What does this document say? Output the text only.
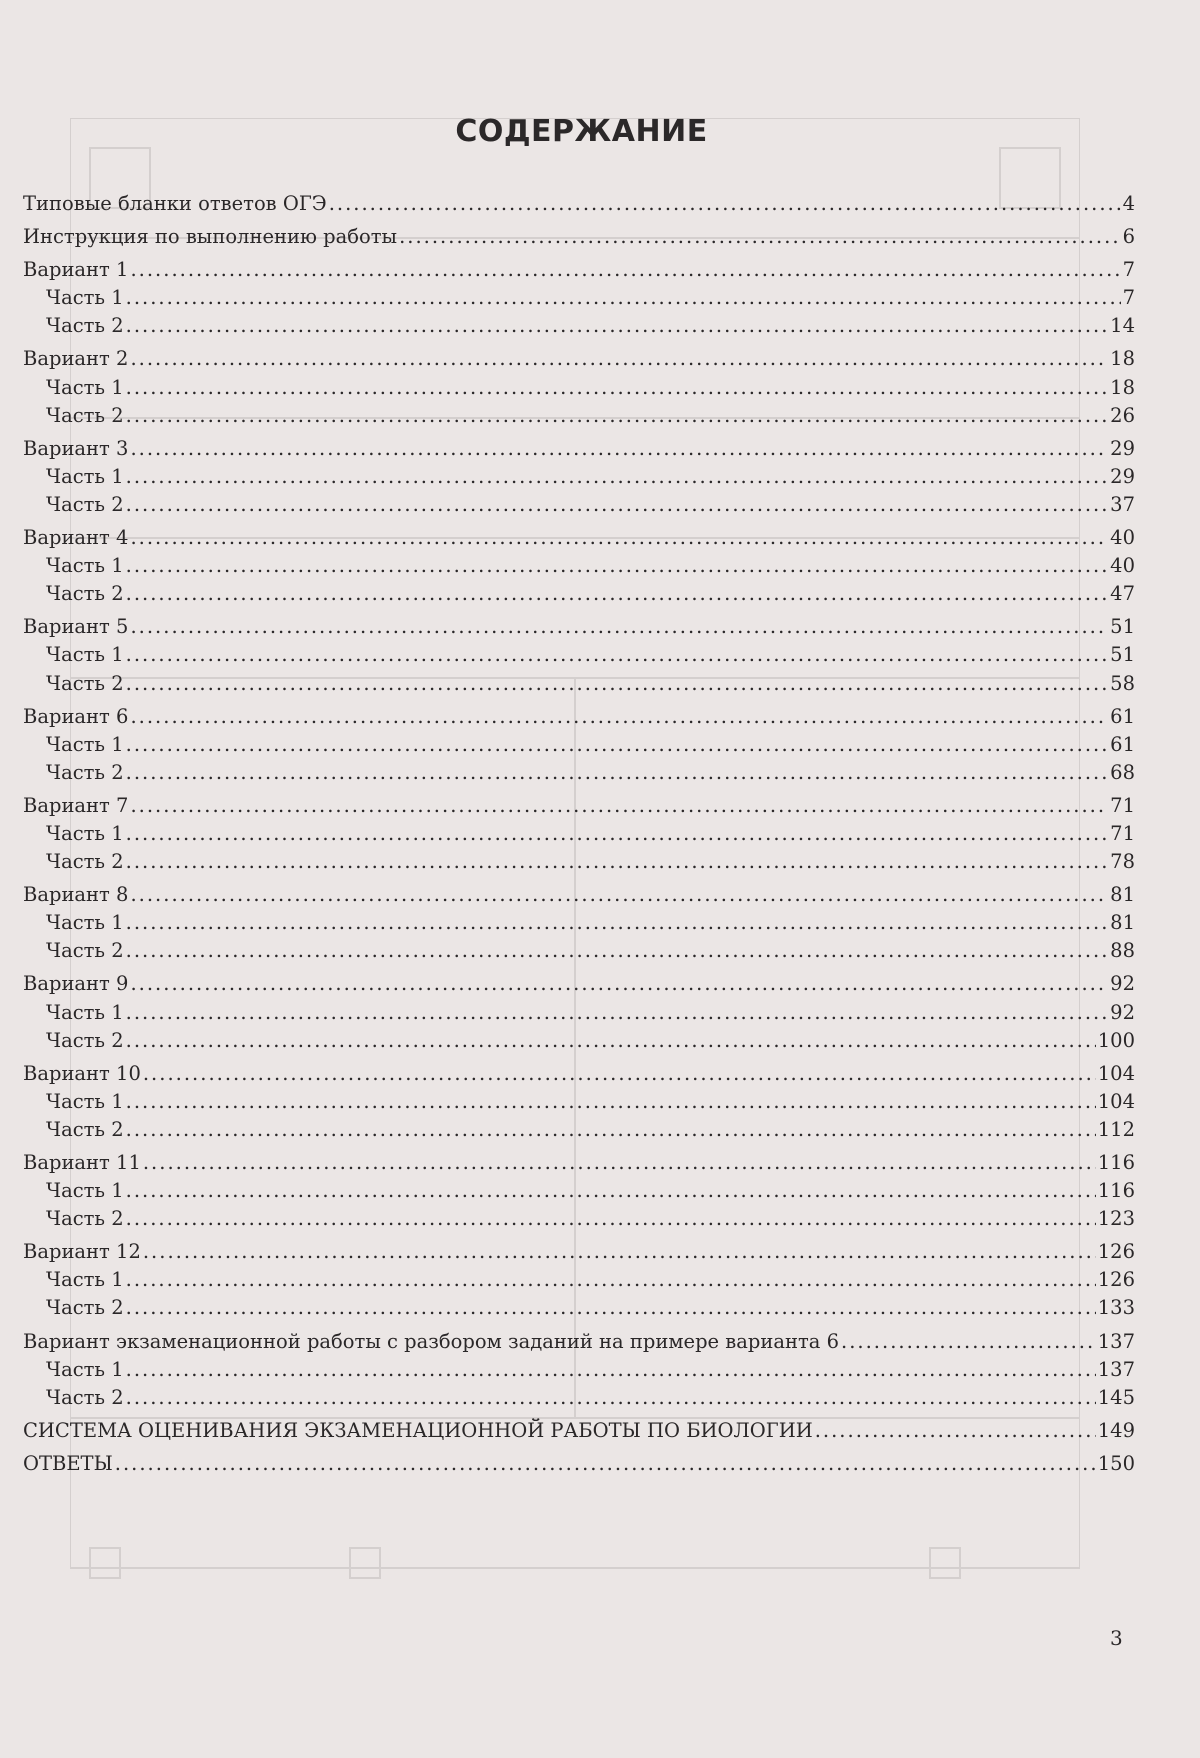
СОДЕРЖАНИЕ
Типовые бланки ответов ОГЭ .....	4
Инструкция по выполнению работы .....	6
Вариант 1 .....	7
Часть 1 .....	7
Часть 2 .....	14
Вариант 2 .....	18
Часть 1 .....	18
Часть 2 .....	26
Вариант 3 .....	29
Часть 1 .....	29
Часть 2 .....	37
Вариант 4 .....	40
Часть 1 .....	40
Часть 2 .....	47
Вариант 5 .....	51
Часть 1 .....	51
Часть 2 .....	58
Вариант 6 .....	61
Часть 1 .....	61
Часть 2 .....	68
Вариант 7 .....	71
Часть 1 .....	71
Часть 2 .....	78
Вариант 8 .....	81
Часть 1 .....	81
Часть 2 .....	88
Вариант 9 .....	92
Часть 1 .....	92
Часть 2 .....	100
Вариант 10 .....	104
Часть 1 .....	104
Часть 2 .....	112
Вариант 11 .....	116
Часть 1 .....	116
Часть 2 .....	123
Вариант 12 .....	126
Часть 1 .....	126
Часть 2 .....	133
Вариант экзаменационной работы с разбором заданий на примере варианта 6 .....	137
Часть 1 .....	137
Часть 2 .....	145
СИСТЕМА ОЦЕНИВАНИЯ ЭКЗАМЕНАЦИОННОЙ РАБОТЫ ПО БИОЛОГИИ .....	149
ОТВЕТЫ .....	150
3
